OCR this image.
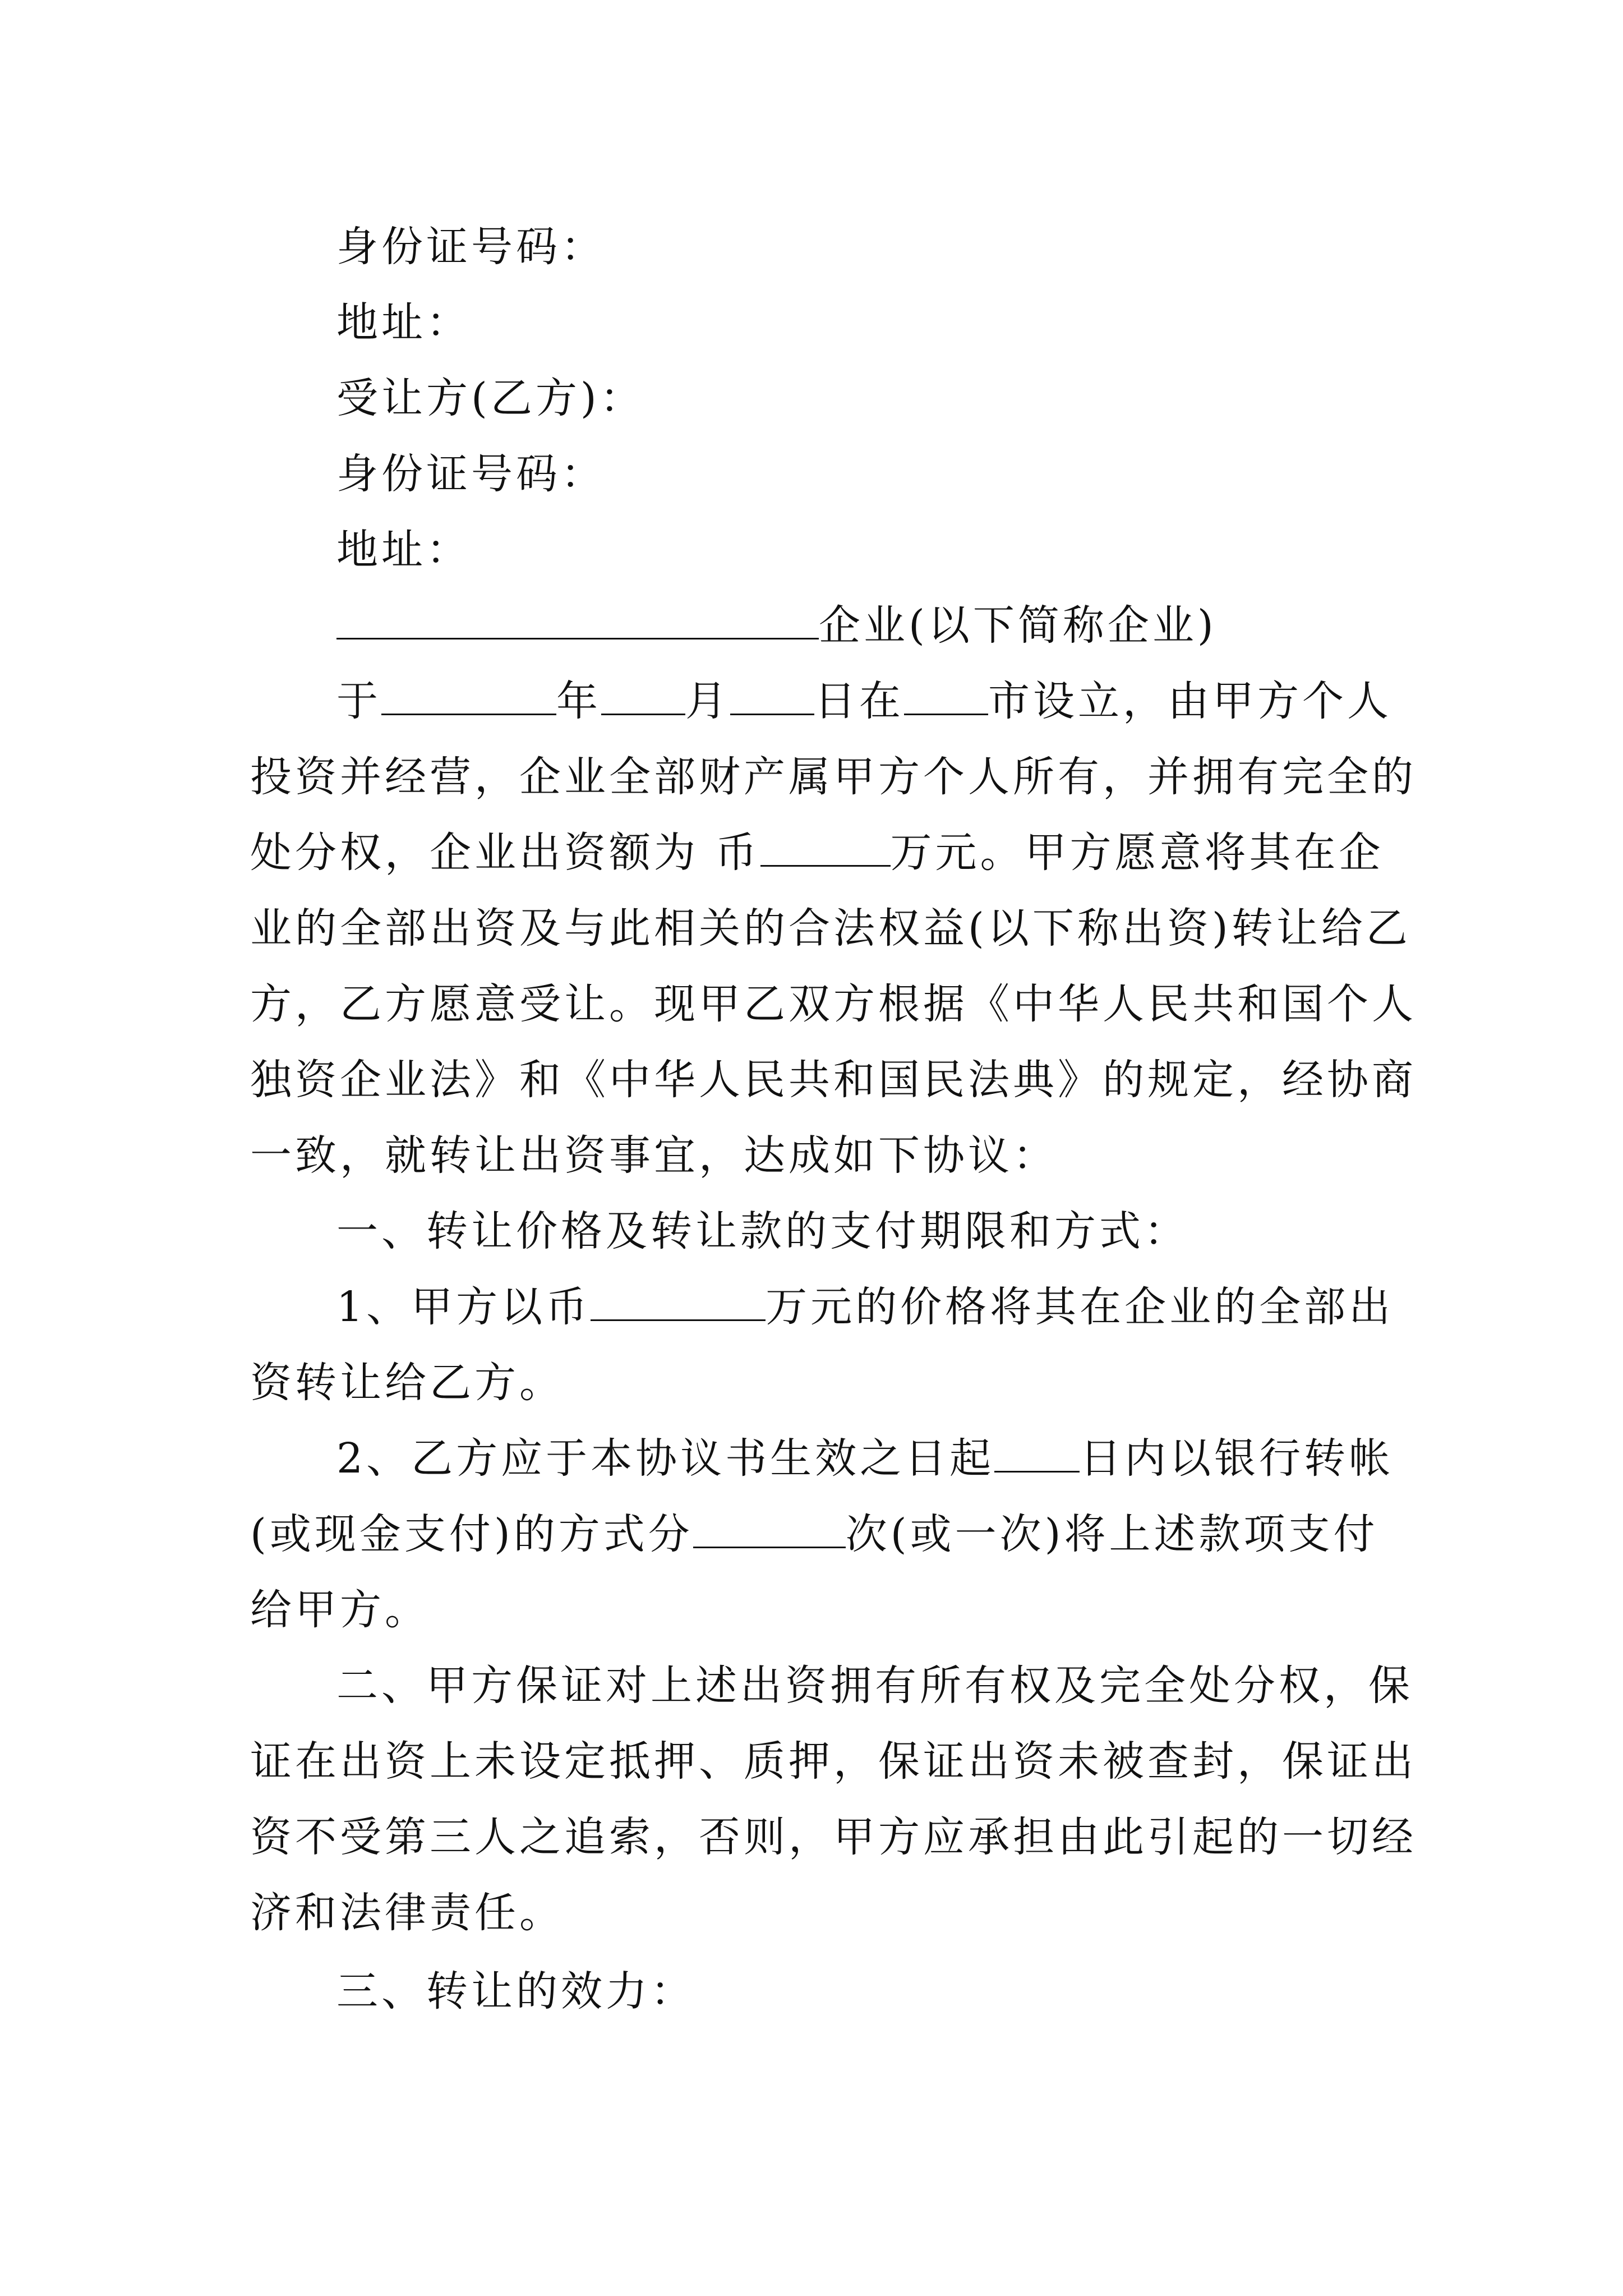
身份证号码：

地址：

受让方(乙方)：

身份证号码：

地址：

企业(以下简称企业)

于	年 月 日在 市设立，由甲方个人

投资并经营，企业全部财产属甲方个人所有，并拥有完全的

处分权，企业出资额为 币	万元。甲方愿意将其在企

业的全部出资及与此相关的合法权益(以下称出资)转让给乙

方，乙方愿意受让。现甲乙双方根据《中华人民共和国个人

独资企业法》和《中华人民共和国民法典》的规定，经协商

一致，就转让出资事宜，达成如下协议：

一、转让价格及转让款的支付期限和方式：

1、甲方以币	万元的价格将其在企业的全部出

资转让给乙方。

2、乙方应于本协议书生效之日起 日内以银行转帐

(或现金支付)的方式分	次(或一次)将上述款项支付

给甲方。

二、甲方保证对上述出资拥有所有权及完全处分权，保

证在出资上未设定抵押、质押，保证出资未被查封，保证出

资不受第三人之追索，否则，甲方应承担由此引起的一切经

济和法律责任。

三、转让的效力：
